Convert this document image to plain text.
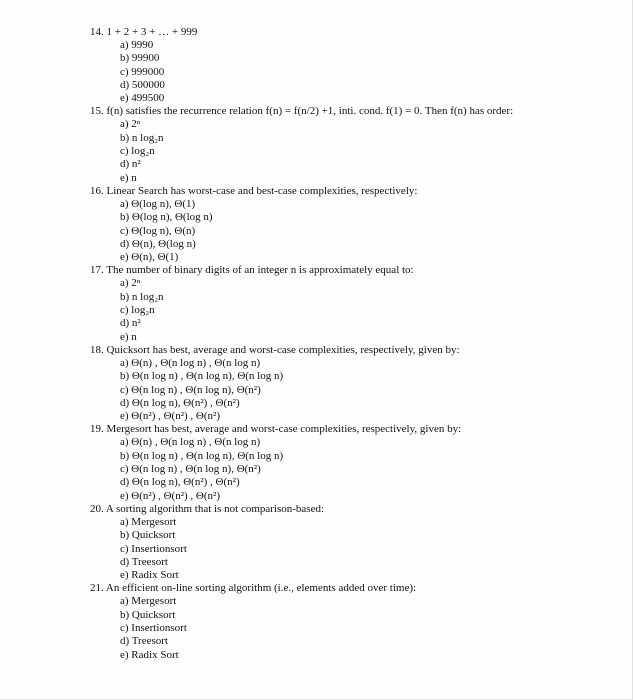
14. 1 + 2 + 3 + … + 999
a) 9990
b) 99900
c) 999000
d) 500000
e) 499500
15. f(n) satisfies the recurrence relation f(n) = f(n/2) +1, inti. cond. f(1) = 0. Then f(n) has order:
a) 2ⁿ
b) n log₂n
c) log₂n
d) n²
e) n
16. Linear Search has worst-case and best-case complexities, respectively:
a) Θ(log n), Θ(1)
b) Θ(log n), Θ(log n)
c) Θ(log n), Θ(n)
d) Θ(n), Θ(log n)
e) Θ(n), Θ(1)
17. The number of binary digits of an integer n is approximately equal to:
a) 2ⁿ
b) n log₂n
c) log₂n
d) n²
e) n
18. Quicksort has best, average and worst-case complexities, respectively, given by:
a) Θ(n) , Θ(n log n) , Θ(n log n)
b) Θ(n log n) , Θ(n log n), Θ(n log n)
c) Θ(n log n) , Θ(n log n), Θ(n²)
d) Θ(n log n), Θ(n²) , Θ(n²)
e) Θ(n²) , Θ(n²) , Θ(n²)
19. Mergesort has best, average and worst-case complexities, respectively, given by:
a) Θ(n) , Θ(n log n) , Θ(n log n)
b) Θ(n log n) , Θ(n log n), Θ(n log n)
c) Θ(n log n) , Θ(n log n), Θ(n²)
d) Θ(n log n), Θ(n²) , Θ(n²)
e) Θ(n²) , Θ(n²) , Θ(n²)
20. A sorting algorithm that is not comparison-based:
a) Mergesort
b) Quicksort
c) Insertionsort
d) Treesort
e) Radix Sort
21. An efficient on-line sorting algorithm (i.e., elements added over time):
a) Mergesort
b) Quicksort
c) Insertionsort
d) Treesort
e) Radix Sort
